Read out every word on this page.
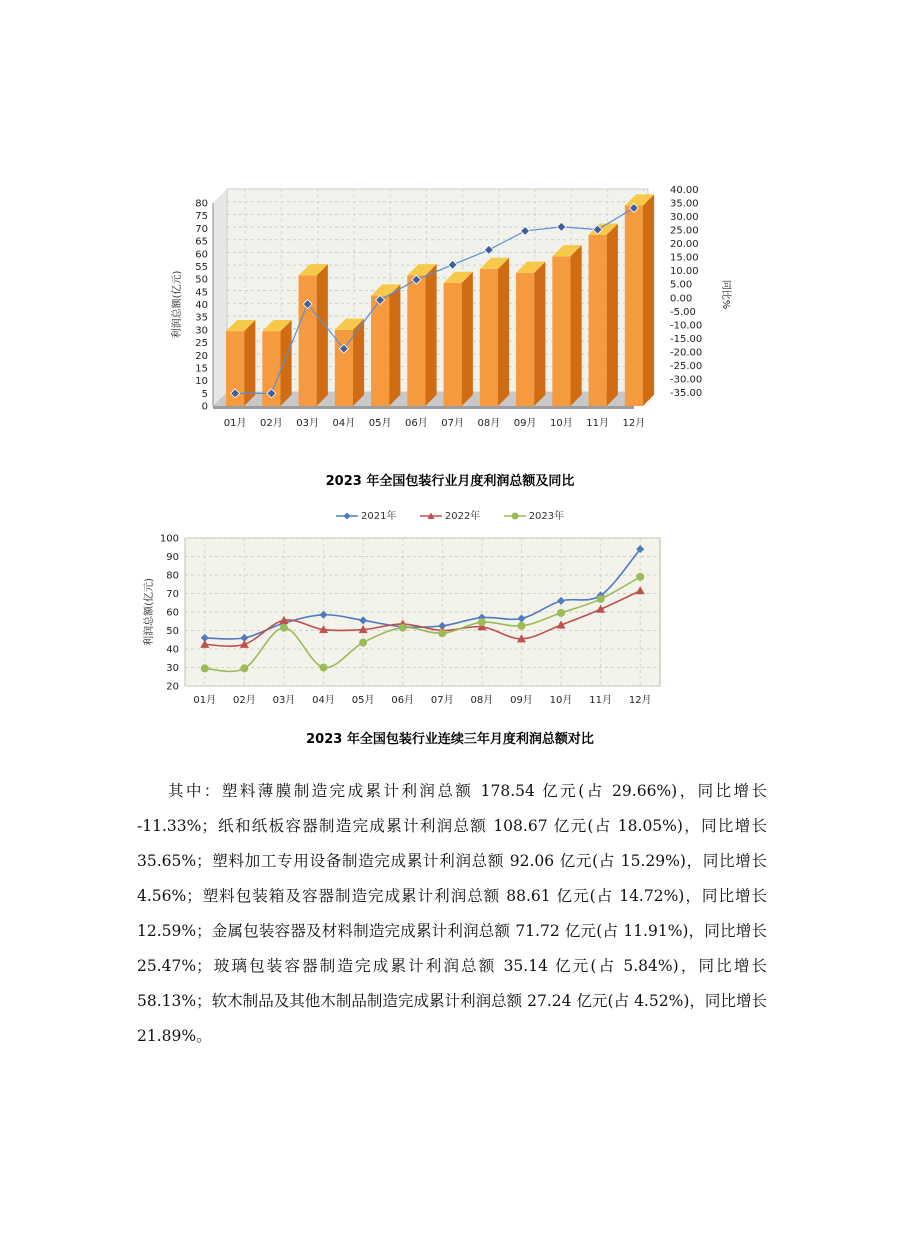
0
5
10
15
20
25
30
35
40
45
50
55
60
65
70
75
80
-35.00
-30.00
-25.00
-20.00
-15.00
-10.00
-5.00
0.00
5.00
10.00
15.00
20.00
25.00
30.00
35.00
40.00
利润总额(亿元)	同比%
01月 02月 03月 04月 05月 06月 07月 08月 09月 10月 11月 12月
20
30
40
50
60
70
80
90
100
01月 02月 03月 04月 05月 06月 07月 08月 09月 10月 11月 12月
利润总额(亿元)
2023 年全国包装行业月度利润总额及同比
2021年	2022年	2023年
2023 年全国包装行业连续三年月度利润总额对比
其中：塑料薄膜制造完成累计利润总额 178.54 亿元(占 29.66%)，同比增长 -11.33%；纸和纸板容器制造完成累计利润总额 108.67 亿元(占 18.05%)，同比增长 35.65%；塑料加工专用设备制造完成累计利润总额 92.06 亿元(占 15.29%)，同比增长 4.56%；塑料包装箱及容器制造完成累计利润总额 88.61 亿元(占 14.72%)，同比增长 12.59%；金属包装容器及材料制造完成累计利润总额 71.72 亿元(占 11.91%)，同比增长 25.47%；玻璃包装容器制造完成累计利润总额 35.14 亿元(占 5.84%)，同比增长 58.13%；软木制品及其他木制品制造完成累计利润总额 27.24 亿元(占 4.52%)，同比增长 21.89%。
